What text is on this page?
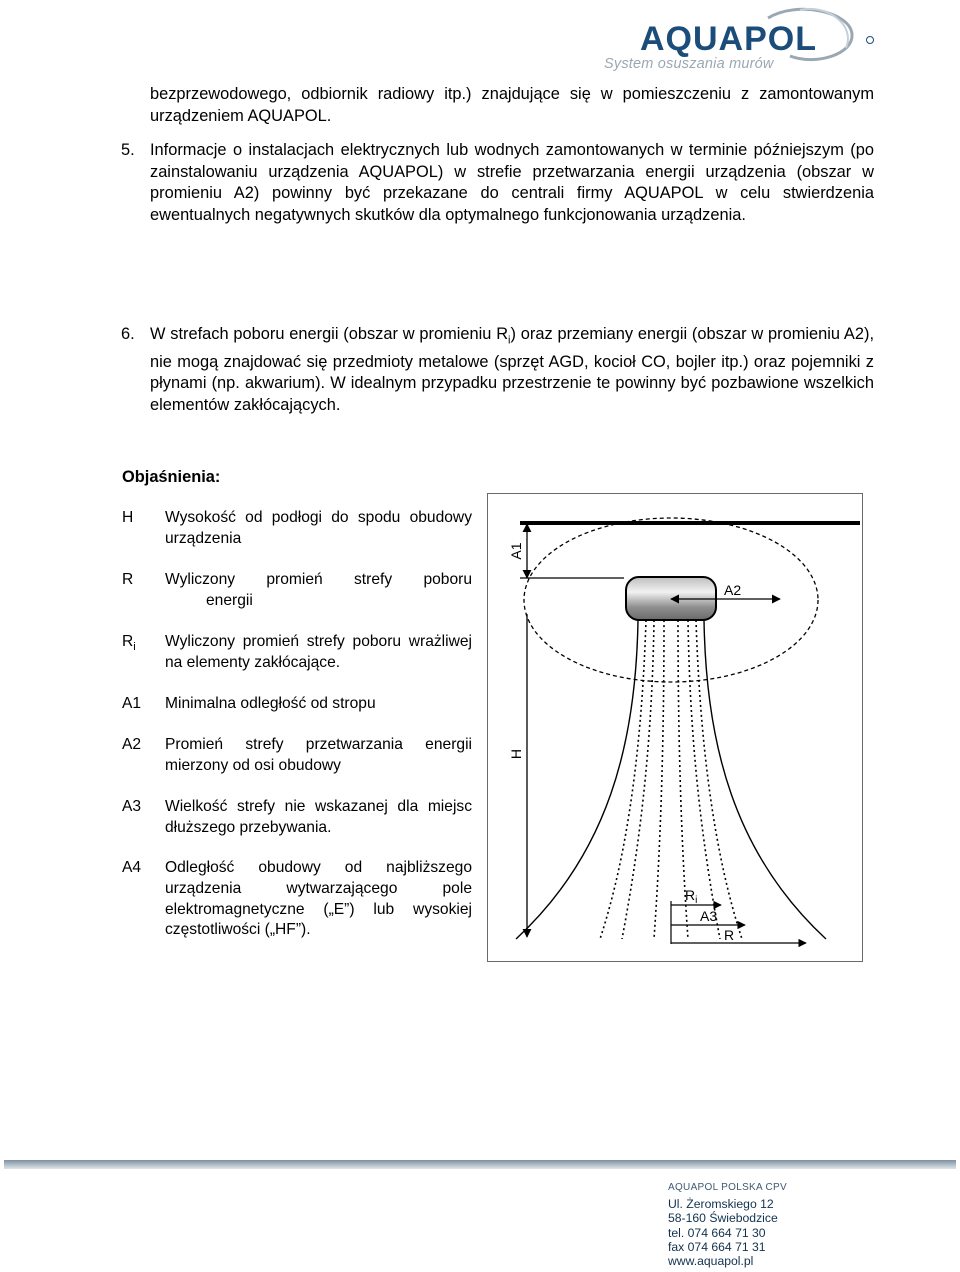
AQUAPOL
System osuszania murów
bezprzewodowego, odbiornik radiowy itp.) znajdujące się w pomieszczeniu z zamontowanym urządzeniem AQUAPOL.
5. Informacje o instalacjach elektrycznych lub wodnych zamontowanych w terminie późniejszym (po zainstalowaniu urządzenia AQUAPOL) w strefie przetwarzania energii urządzenia (obszar w promieniu A2) powinny być przekazane do centrali firmy AQUAPOL w celu stwierdzenia ewentualnych negatywnych skutków dla optymalnego funkcjonowania urządzenia.
6. W strefach poboru energii (obszar w promieniu $R_i$) oraz przemiany energii (obszar w promieniu A2), nie mogą znajdować się przedmioty metalowe (sprzęt AGD, kocioł CO, bojler itp.) oraz pojemniki z płynami (np. akwarium). W idealnym przypadku przestrzenie te powinny być pozbawione wszelkich elementów zakłócających.
Objaśnienia:
H Wysokość od podłogi do spodu obudowy urządzenia
R Wyliczony promień strefy poboru
energii
$R_i$ Wyliczony promień strefy poboru wrażliwej na elementy zakłócające.
A1 Minimalna odległość od stropu
A2 Promień strefy przetwarzania energii mierzony od osi obudowy
A3 Wielkość strefy nie wskazanej dla miejsc dłuższego przebywania.
A4 Odległość obudowy od najbliższego urządzenia wytwarzającego pole elektromagnetyczne („E”) lub wysokiej częstotliwości („HF”).
A1
A2
H
$R_i$
A3
R
AQUAPOL POLSKA CPV
Ul. Żeromskiego 12
58-160 Świebodzice
tel. 074 664 71 30
fax 074 664 71 31
www.aquapol.pl
